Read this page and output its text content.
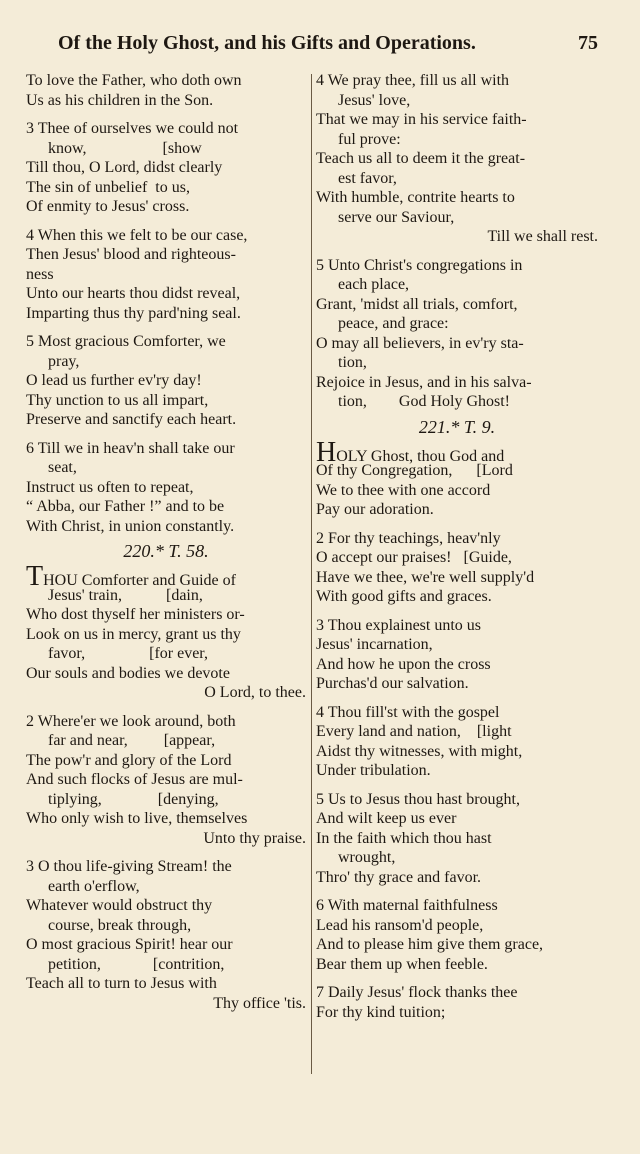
Of the Holy Ghost, and his Gifts and Operations.	75
To love the Father, who doth own
Us as his children in the Son.
3 Thee of ourselves we could not
know,                   [show
Till thou, O Lord, didst clearly
The sin of unbelief  to us,
Of enmity to Jesus' cross.
4 When this we felt to be our case,
Then Jesus' blood and righteous-
ness
Unto our hearts thou didst reveal,
Imparting thus thy pard'ning seal.
5 Most gracious Comforter, we
pray,
O lead us further ev'ry day!
Thy unction to us all impart,
Preserve and sanctify each heart.
6 Till we in heav'n shall take our
seat,
Instruct us often to repeat,
“ Abba, our Father !” and to be
With Christ, in union constantly.
220.* T. 58.
THOU Comforter and Guide of
Jesus' train,           [dain,
Who dost thyself her ministers or-
Look on us in mercy, grant us thy
favor,                [for ever,
Our souls and bodies we devote
O Lord, to thee.
2 Where'er we look around, both
far and near,         [appear,
The pow'r and glory of the Lord
And such flocks of Jesus are mul-
tiplying,              [denying,
Who only wish to live, themselves
Unto thy praise.
3 O thou life-giving Stream! the
earth o'erflow,
Whatever would obstruct thy
course, break through,
O most gracious Spirit! hear our
petition,             [contrition,
Teach all to turn to Jesus with
Thy office 'tis.
4 We pray thee, fill us all with
Jesus' love,
That we may in his service faith-
ful prove:
Teach us all to deem it the great-
est favor,
With humble, contrite hearts to
serve our Saviour,
Till we shall rest.
5 Unto Christ's congregations in
each place,
Grant, 'midst all trials, comfort,
peace, and grace:
O may all believers, in ev'ry sta-
tion,
Rejoice in Jesus, and in his salva-
tion,        God Holy Ghost!
221.* T. 9.
HOLY Ghost, thou God and
Of thy Congregation,      [Lord
We to thee with one accord
Pay our adoration.
2 For thy teachings, heav'nly
O accept our praises!   [Guide,
Have we thee, we're well supply'd
With good gifts and graces.
3 Thou explainest unto us
Jesus' incarnation,
And how he upon the cross
Purchas'd our salvation.
4 Thou fill'st with the gospel
Every land and nation,    [light
Aidst thy witnesses, with might,
Under tribulation.
5 Us to Jesus thou hast brought,
And wilt keep us ever
In the faith which thou hast
wrought,
Thro' thy grace and favor.
6 With maternal faithfulness
Lead his ransom'd people,
And to please him give them grace,
Bear them up when feeble.
7 Daily Jesus' flock thanks thee
For thy kind tuition;
